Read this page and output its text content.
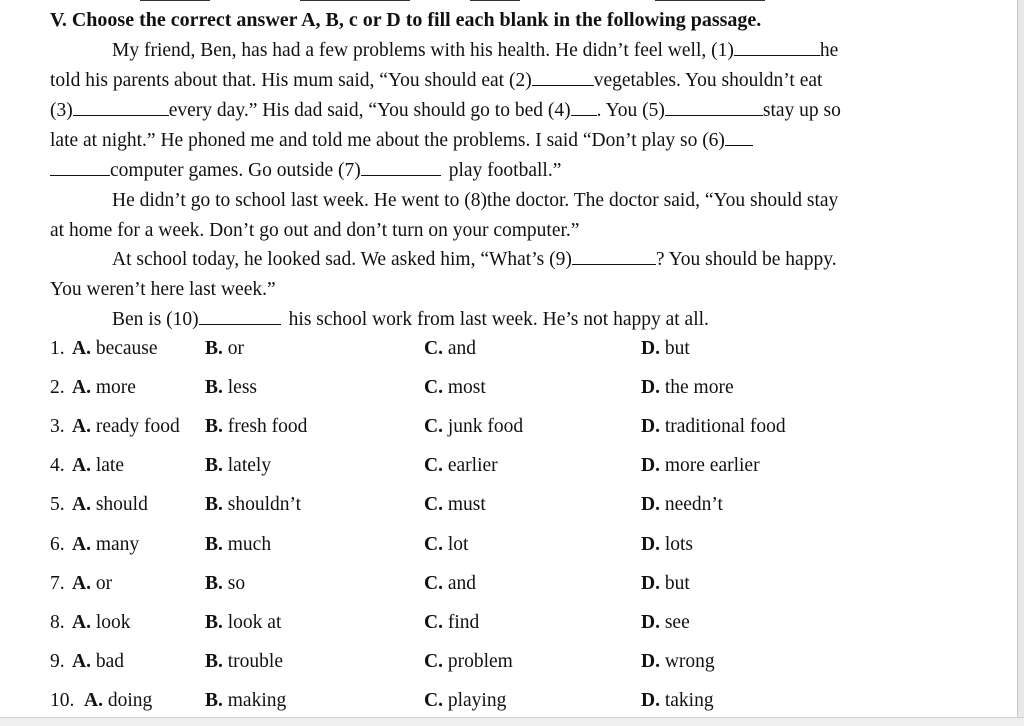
V. Choose the correct answer A, B, c or D to fill each blank in the following passage.
My friend, Ben, has had a few problems with his health. He didn’t feel well, (1)	he
told his parents about that. His mum said, “You should eat (2)	vegetables. You shouldn’t eat
(3)	every day.” His dad said, “You should go to bed (4) . You (5)	stay up so
late at night.” He phoned me and told me about the problems. I said “Don’t play so (6)
computer games. Go outside (7)	play football.”
He didn’t go to school last week. He went to (8)the doctor. The doctor said, “You should stay
at home for a week. Don’t go out and don’t turn on your computer.”
At school today, he looked sad. We asked him, “What’s (9)	? You should be happy.
You weren’t here last week.”
Ben is (10)	his school work from last week. He’s not happy at all.
1. A. because B. or	C. and	D. but
2. A. more	B. less	C. most	D. the more
3. A. ready food B. fresh food	C. junk food	D. traditional food
4. A. late	B. lately	C. earlier	D. more earlier
5. A. should	B. shouldn’t	C. must	D. needn’t
6. A. many	B. much	C. lot	D. lots
7. A. or	B. so	C. and	D. but
8. A. look	B. look at	C. find	D. see
9. A. bad	B. trouble	C. problem	D. wrong
10. A. doing	B. making	C. playing	D. taking
